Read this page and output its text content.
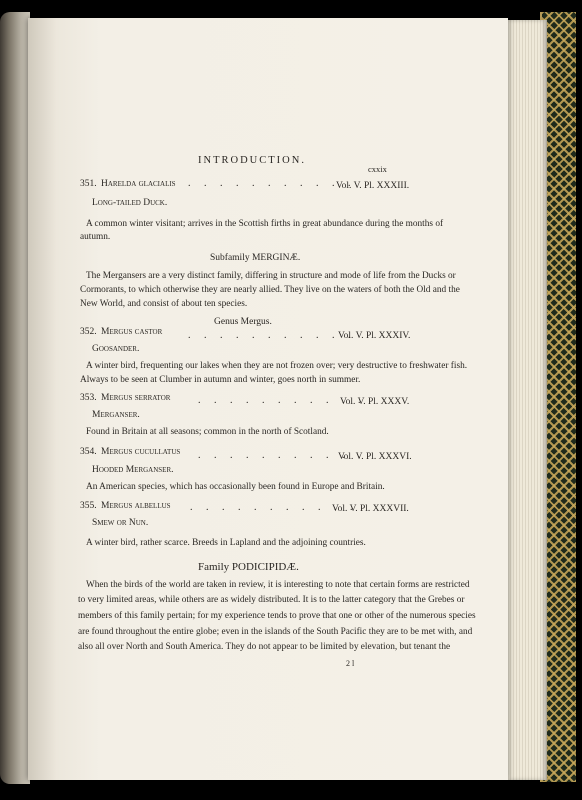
INTRODUCTION.
cxxix
351. Harelda glacialis . . . . . . . . . . .
Vol. V. Pl. XXXIII.
Long-tailed Duck.
A common winter visitant; arrives in the Scottish firths in great abundance during the months of
autumn.
Subfamily MERGINÆ.
The Mergansers are a very distinct family, differing in structure and mode of life from the Ducks or
Cormorants, to which otherwise they are nearly allied. They live on the waters of both the Old and the
New World, and consist of about ten species.
Genus Mergus.
352. Mergus castor	. . . . . . . . . . .
Vol. V. Pl. XXXIV.
Goosander.
A winter bird, frequenting our lakes when they are not frozen over; very destructive to freshwater fish.
Always to be seen at Clumber in autumn and winter, goes north in summer.
353. Mergus serrator	. . . . . . . . . . .
Vol. V. Pl. XXXV.
Merganser.
Found in Britain at all seasons; common in the north of Scotland.
354. Mergus cucullatus . . . . . . . . . . .
Vol. V. Pl. XXXVI.
Hooded Merganser.
An American species, which has occasionally been found in Europe and Britain.
355. Mergus albellus . . . . . . . . . . .
Vol. V. Pl. XXXVII.
Smew or Nun.
A winter bird, rather scarce. Breeds in Lapland and the adjoining countries.
Family PODICIPIDÆ.
When the birds of the world are taken in review, it is interesting to note that certain forms are restricted
to very limited areas, while others are as widely distributed. It is to the latter category that the Grebes or
members of this family pertain; for my experience tends to prove that one or other of the numerous species
are found throughout the entire globe; even in the islands of the South Pacific they are to be met with, and
also all over North and South America. They do not appear to be limited by elevation, but tenant the
2 l
